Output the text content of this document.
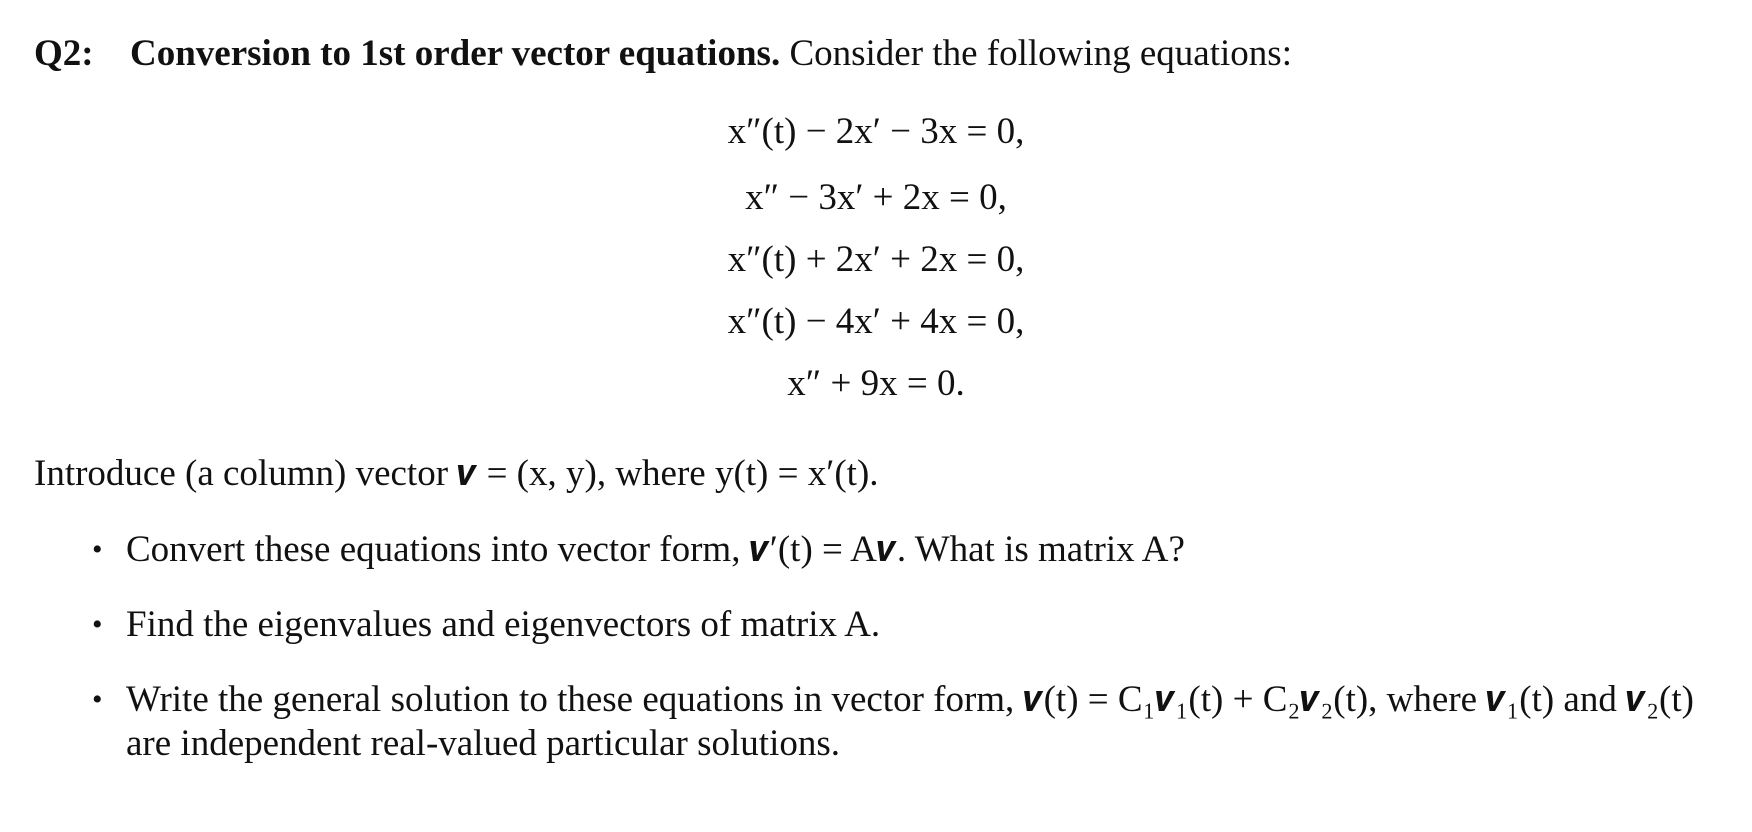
Q2: Conversion to 1st order vector equations. Consider the following equations:
x″(t) − 2x′ − 3x = 0,
x″ − 3x′ + 2x = 0,
x″(t) + 2x′ + 2x = 0,
x″(t) − 4x′ + 4x = 0,
x″ + 9x = 0.
Introduce (a column) vector 𝒗 = (x, y), where y(t) = x′(t).
• Convert these equations into vector form, 𝒗′(t) = A𝒗. What is matrix A?
• Find the eigenvalues and eigenvectors of matrix A.
• Write the general solution to these equations in vector form, 𝒗(t) = C₁𝒗₁(t) + C₂𝒗₂(t), where 𝒗₁(t) and 𝒗₂(t) are independent real-valued particular solutions.
